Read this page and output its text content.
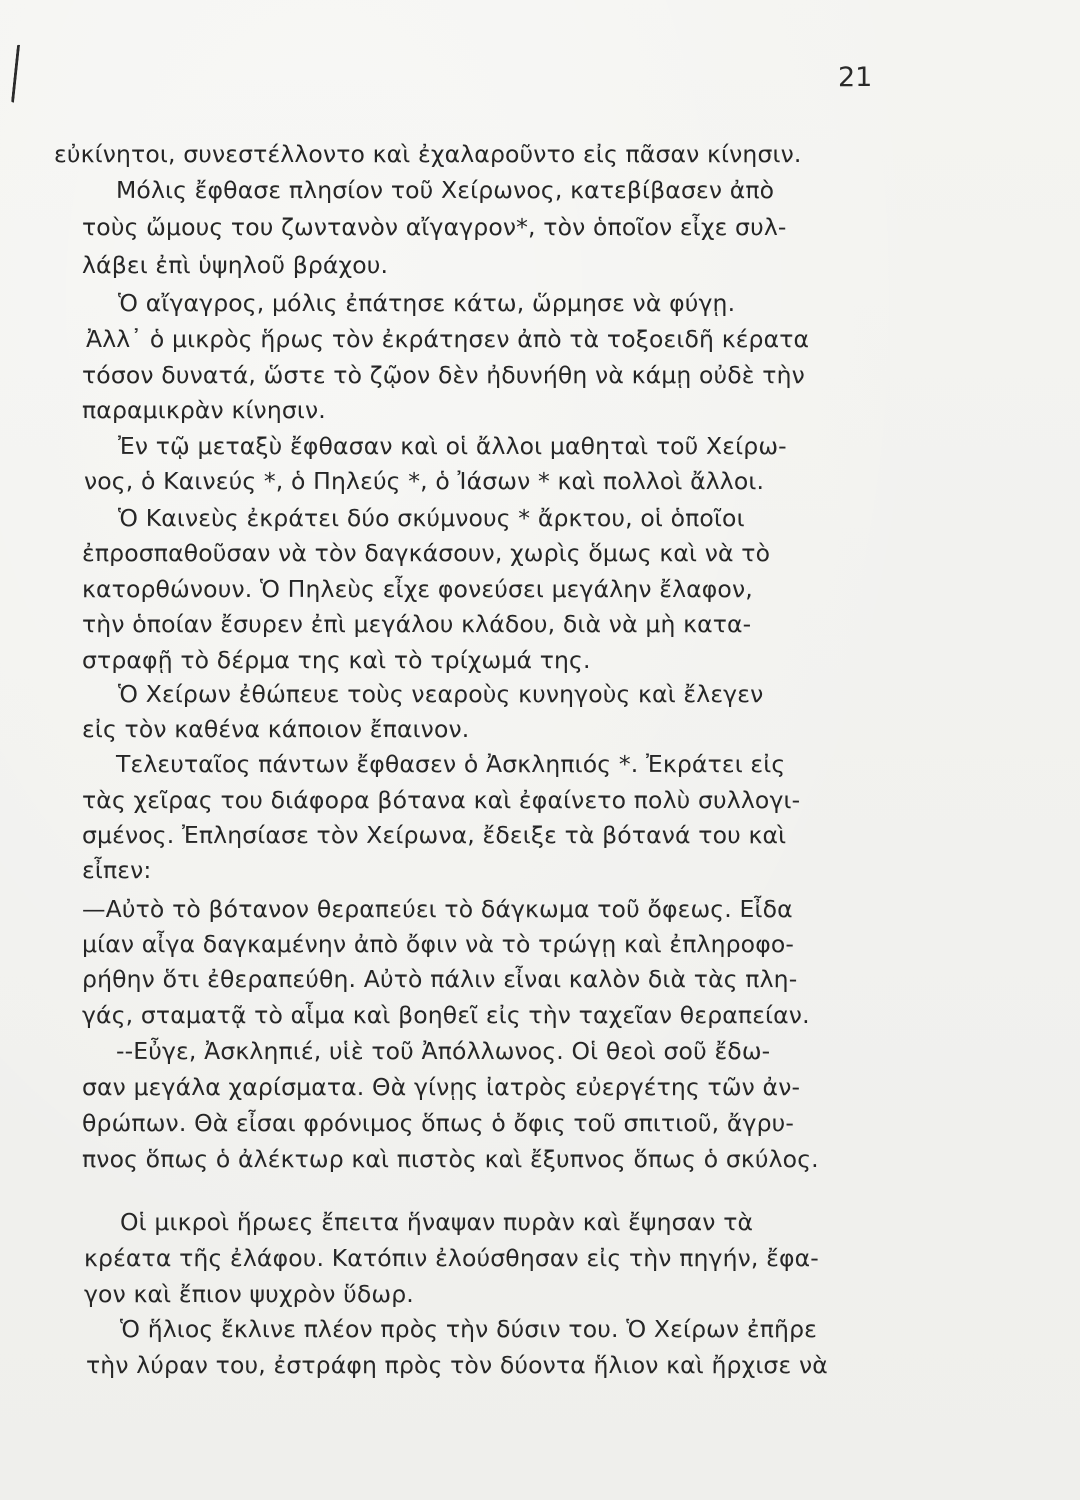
21
εὐκίνητοι, συνεστέλλοντο καὶ ἐχαλαροῦντο εἰς πᾶσαν κίνησιν.
Μόλις ἔφθασε πλησίον τοῦ Χείρωνος, κατεβίβασεν ἀπὸ
τοὺς ὤμους του ζωντανὸν αἴγαγρον*, τὸν ὁποῖον εἶχε συλ-
λάβει ἐπὶ ὑψηλοῦ βράχου.
Ὁ αἴγαγρος, μόλις ἐπάτησε κάτω, ὥρμησε νὰ φύγῃ.
Ἀλλ᾽ ὁ μικρὸς ἥρως τὸν ἐκράτησεν ἀπὸ τὰ τοξοειδῆ κέρατα
τόσον δυνατά, ὥστε τὸ ζῷον δὲν ἠδυνήθη νὰ κάμῃ οὐδὲ τὴν
παραμικρὰν κίνησιν.
Ἐν τῷ μεταξὺ ἔφθασαν καὶ οἱ ἄλλοι μαθηταὶ τοῦ Χείρω-
νος, ὁ Καινεύς *, ὁ Πηλεύς *, ὁ Ἰάσων * καὶ πολλοὶ ἄλλοι.
Ὁ Καινεὺς ἐκράτει δύο σκύμνους * ἄρκτου, οἱ ὁποῖοι
ἐπροσπαθοῦσαν νὰ τὸν δαγκάσουν, χωρὶς ὅμως καὶ νὰ τὸ
κατορθώνουν. Ὁ Πηλεὺς εἶχε φονεύσει μεγάλην ἔλαφον,
τὴν ὁποίαν ἔσυρεν ἐπὶ μεγάλου κλάδου, διὰ νὰ μὴ κατα-
στραφῇ τὸ δέρμα της καὶ τὸ τρίχωμά της.
Ὁ Χείρων ἐθώπευε τοὺς νεαροὺς κυνηγοὺς καὶ ἔλεγεν
εἰς τὸν καθένα κάποιον ἔπαινον.
Τελευταῖος πάντων ἔφθασεν ὁ Ἀσκληπιός *. Ἐκράτει εἰς
τὰς χεῖρας του διάφορα βότανα καὶ ἐφαίνετο πολὺ συλλογι-
σμένος. Ἐπλησίασε τὸν Χείρωνα, ἔδειξε τὰ βότανά του καὶ
εἶπεν:
—Αὐτὸ τὸ βότανον θεραπεύει τὸ δάγκωμα τοῦ ὄφεως. Εἶδα
μίαν αἶγα δαγκαμένην ἀπὸ ὄφιν νὰ τὸ τρώγῃ καὶ ἐπληροφο-
ρήθην ὅτι ἐθεραπεύθη. Αὐτὸ πάλιν εἶναι καλὸν διὰ τὰς πλη-
γάς, σταματᾷ τὸ αἷμα καὶ βοηθεῖ εἰς τὴν ταχεῖαν θεραπείαν.
--Εὖγε, Ἀσκληπιέ, υἱὲ τοῦ Ἀπόλλωνος. Οἱ θεοὶ σοῦ ἔδω-
σαν μεγάλα χαρίσματα. Θὰ γίνῃς ἰατρὸς εὐεργέτης τῶν ἀν-
θρώπων. Θὰ εἶσαι φρόνιμος ὅπως ὁ ὄφις τοῦ σπιτιοῦ, ἄγρυ-
πνος ὅπως ὁ ἀλέκτωρ καὶ πιστὸς καὶ ἔξυπνος ὅπως ὁ σκύλος.
Οἱ μικροὶ ἥρωες ἔπειτα ἥναψαν πυρὰν καὶ ἔψησαν τὰ
κρέατα τῆς ἐλάφου. Κατόπιν ἐλούσθησαν εἰς τὴν πηγήν, ἔφα-
γον καὶ ἔπιον ψυχρὸν ὕδωρ.
Ὁ ἥλιος ἔκλινε πλέον πρὸς τὴν δύσιν του. Ὁ Χείρων ἐπῆρε
τὴν λύραν του, ἐστράφη πρὸς τὸν δύοντα ἥλιον καὶ ἤρχισε νὰ
